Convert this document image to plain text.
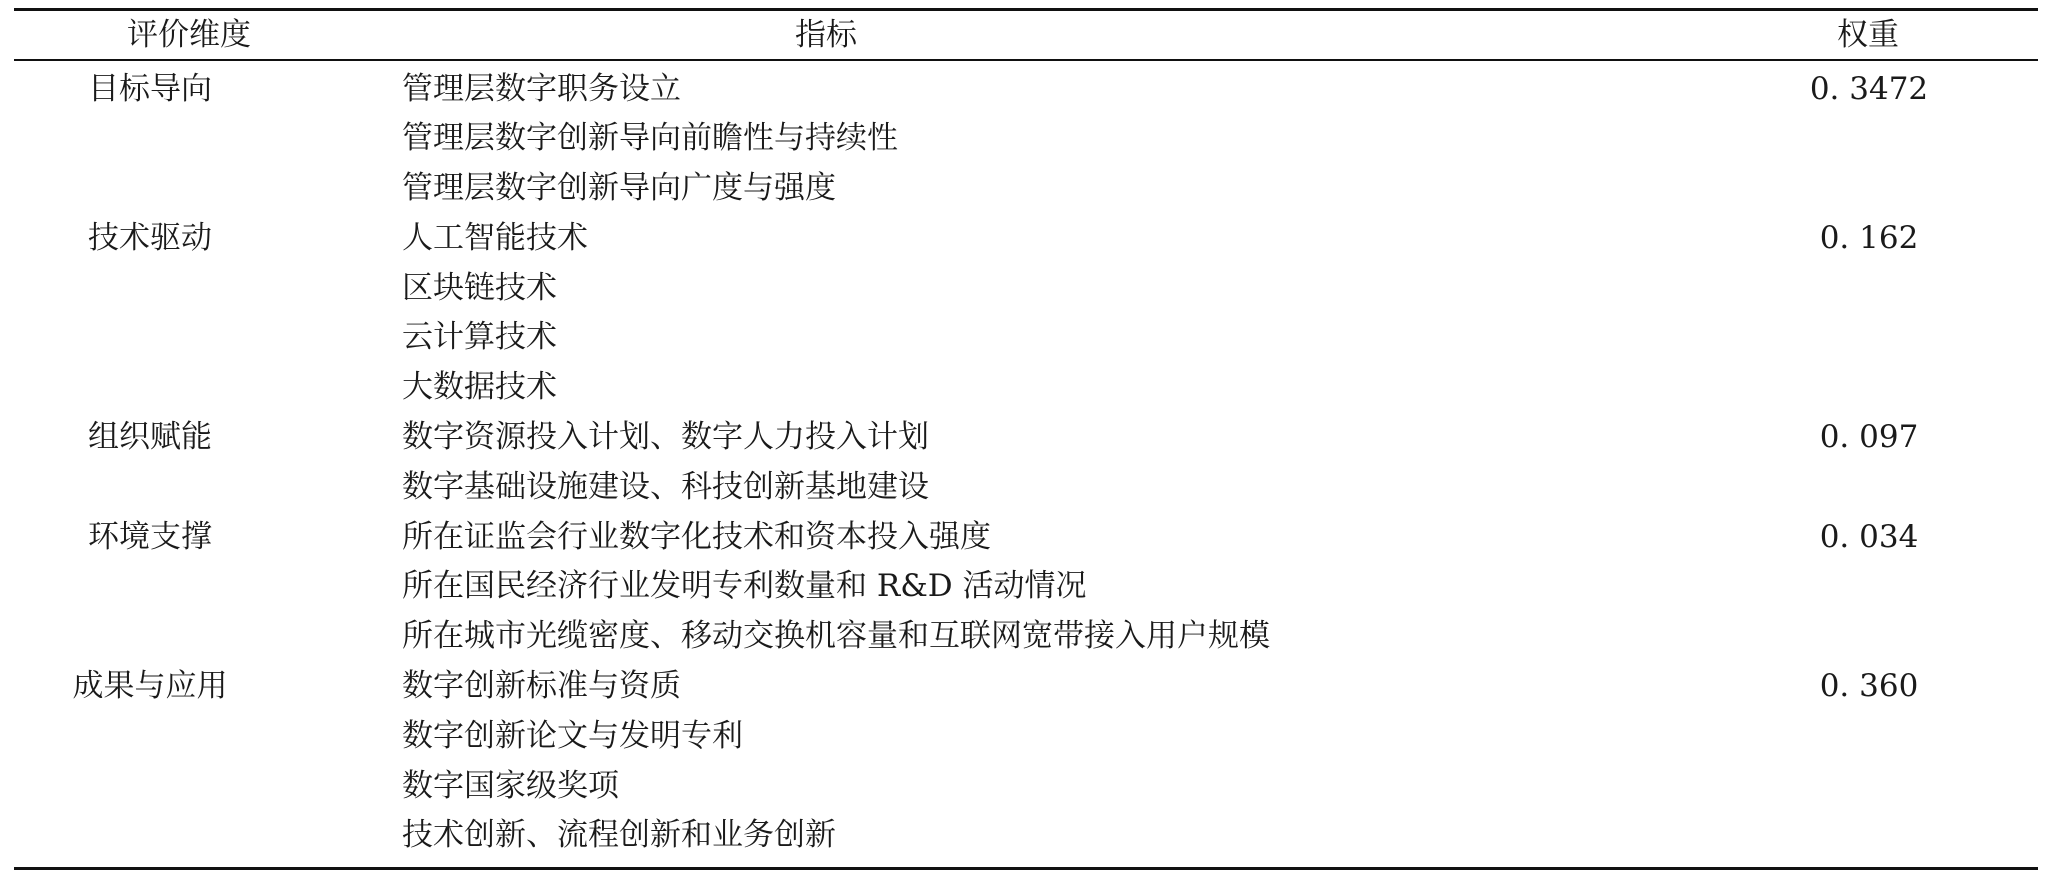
评价维度	指标	权重
目标导向	管理层数字职务设立	0. 3472
管理层数字创新导向前瞻性与持续性
管理层数字创新导向广度与强度
技术驱动	人工智能技术	0. 162
区块链技术
云计算技术
大数据技术
组织赋能	数字资源投入计划、数字人力投入计划	0. 097
数字基础设施建设、科技创新基地建设
环境支撑	所在证监会行业数字化技术和资本投入强度	0. 034
所在国民经济行业发明专利数量和 R&D 活动情况
所在城市光缆密度、移动交换机容量和互联网宽带接入用户规模
成果与应用	数字创新标准与资质	0. 360
数字创新论文与发明专利
数字国家级奖项
技术创新、流程创新和业务创新
